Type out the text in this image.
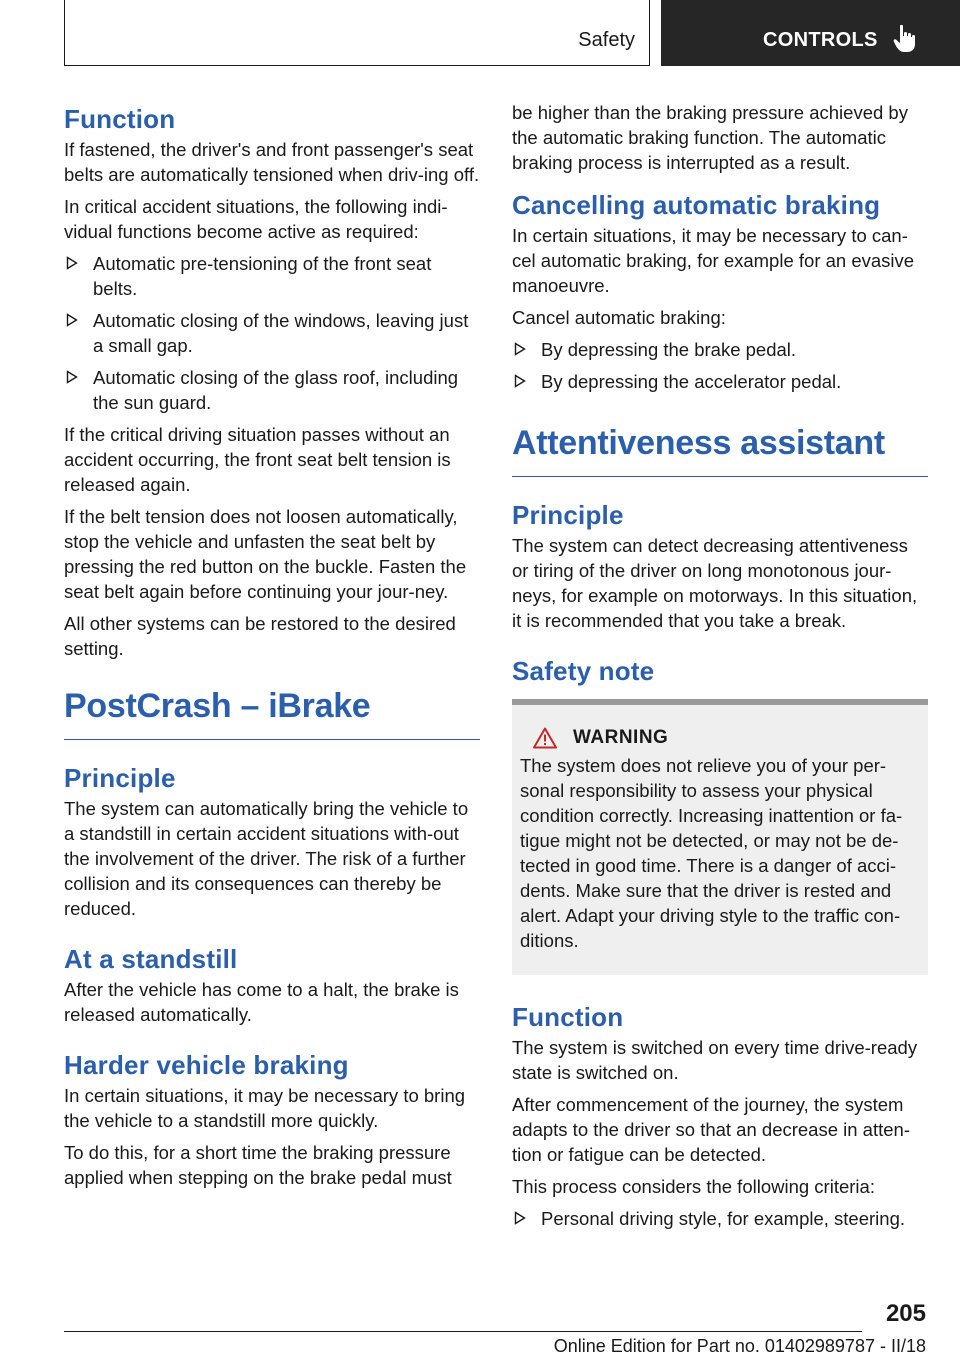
Safety	CONTROLS
Function

If fastened, the driver's and front passenger's seat belts are automatically tensioned when driv-ing off.

In critical accident situations, the following indi-vidual functions become active as required:

Automatic pre-tensioning of the front seat belts.
Automatic closing of the windows, leaving just a small gap.
Automatic closing of the glass roof, including the sun guard.

If the critical driving situation passes without an accident occurring, the front seat belt tension is released again.

If the belt tension does not loosen automatically, stop the vehicle and unfasten the seat belt by pressing the red button on the buckle. Fasten the seat belt again before continuing your jour-ney.

All other systems can be restored to the desired setting.

PostCrash – iBrake
Principle

The system can automatically bring the vehicle to a standstill in certain accident situations with-out the involvement of the driver. The risk of a further collision and its consequences can thereby be reduced.

At a standstill

After the vehicle has come to a halt, the brake is released automatically.

Harder vehicle braking

In certain situations, it may be necessary to bring the vehicle to a standstill more quickly.

To do this, for a short time the braking pressure applied when stepping on the brake pedal must

be higher than the braking pressure achieved by the automatic braking function. The automatic braking process is interrupted as a result.

Cancelling automatic braking

In certain situations, it may be necessary to can-cel automatic braking, for example for an evasive manoeuvre.

Cancel automatic braking:

By depressing the brake pedal.
By depressing the accelerator pedal.
Attentiveness assistant
Principle

The system can detect decreasing attentiveness or tiring of the driver on long monotonous jour-neys, for example on motorways. In this situation, it is recommended that you take a break.

Safety note
WARNING

The system does not relieve you of your per-sonal responsibility to assess your physical condition correctly. Increasing inattention or fa-tigue might not be detected, or may not be de-tected in good time. There is a danger of acci-dents. Make sure that the driver is rested and alert. Adapt your driving style to the traffic con-ditions.

Function

The system is switched on every time drive-ready state is switched on.

After commencement of the journey, the system adapts to the driver so that an decrease in atten-tion or fatigue can be detected.

This process considers the following criteria:

Personal driving style, for example, steering.
205
Online Edition for Part no. 01402989787 - II/18
